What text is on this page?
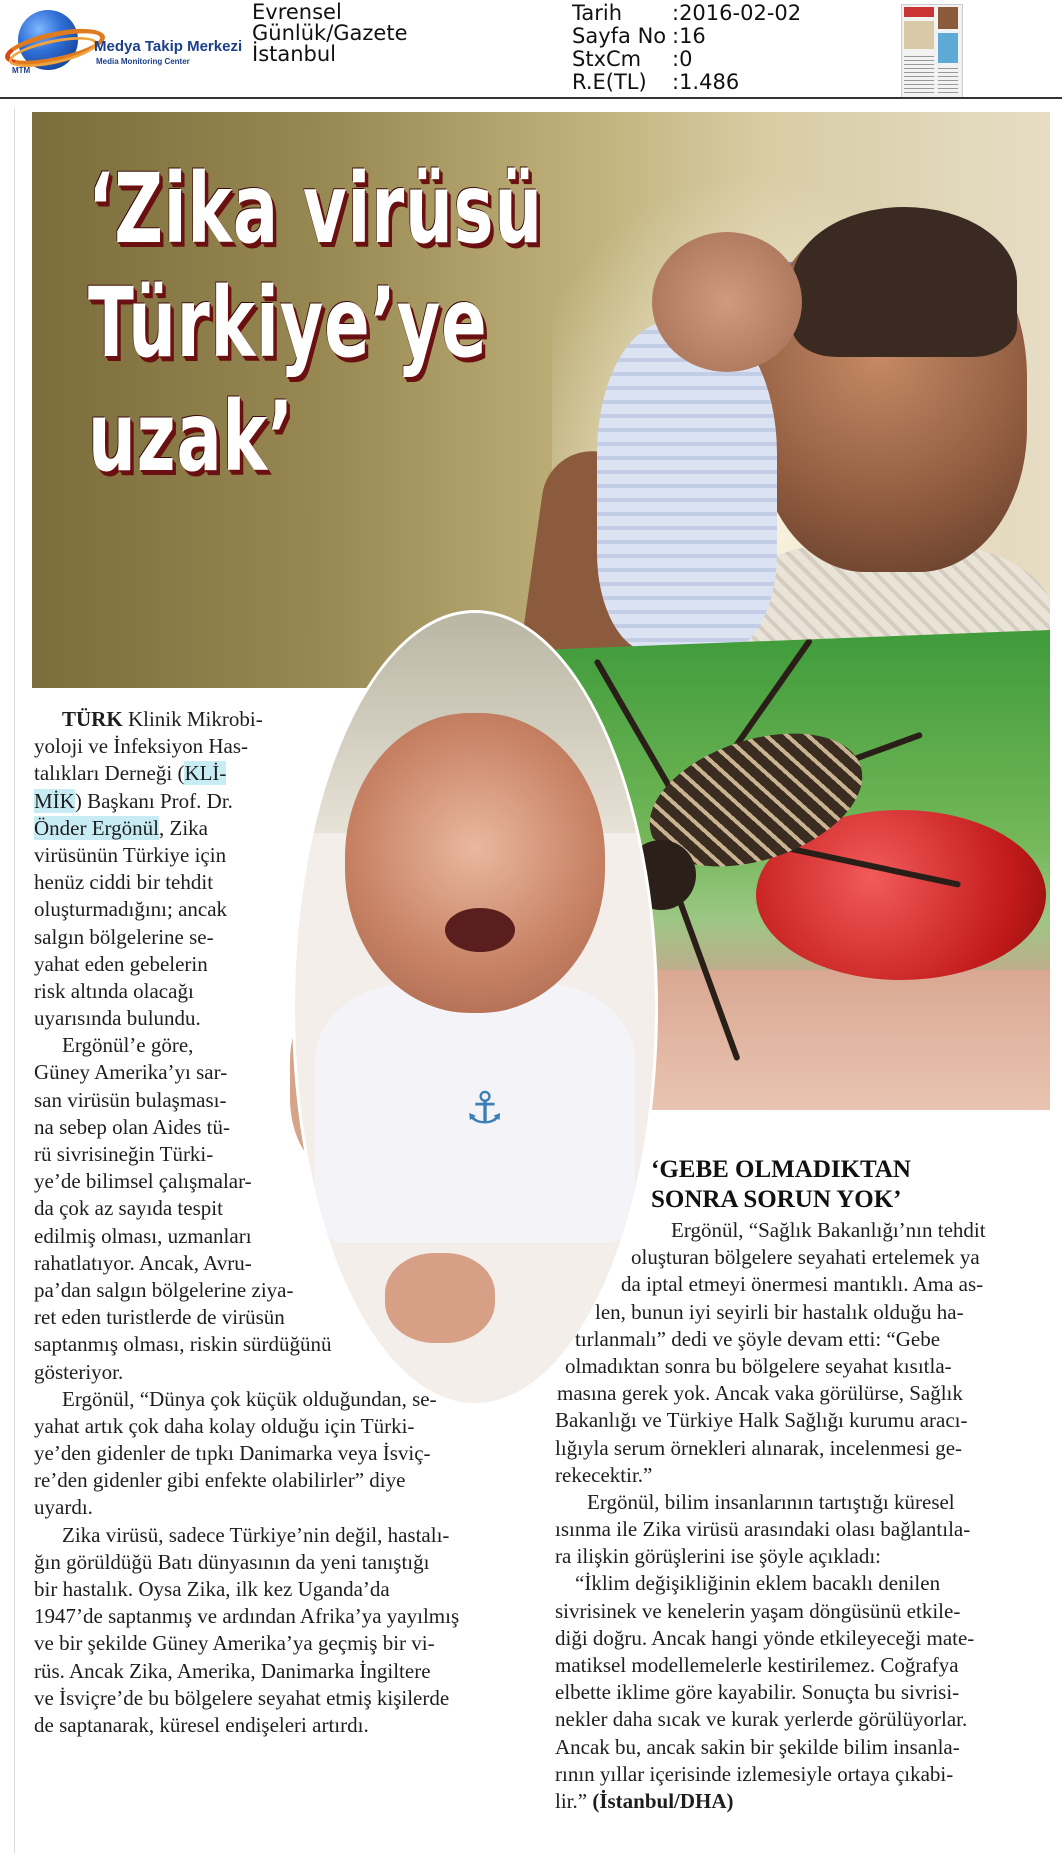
MTM
Medya Takip Merkezi
Media Monitoring Center
Evrensel
Günlük/Gazete
İstanbul
Tarih	:2016-02-02
Sayfa No :16
StxCm	:0
R.E(TL)	:1.486
‘Zika virüsü
Türkiye’ye
uzak’
⚓
TÜRK Klinik Mikrobi-
yoloji ve İnfeksiyon Has-
talıkları Derneği (KLİ-
MİK) Başkanı Prof. Dr.
Önder Ergönül, Zika
virüsünün Türkiye için
henüz ciddi bir tehdit
oluşturmadığını; ancak
salgın bölgelerine se-
yahat eden gebelerin
risk altında olacağı
uyarısında bulundu.
Ergönül’e göre,
Güney Amerika’yı sar-
san virüsün bulaşması-
na sebep olan Aides tü-
rü sivrisineğin Türki-
ye’de bilimsel çalışmalar-
da çok az sayıda tespit
edilmiş olması, uzmanları
rahatlatıyor. Ancak, Avru-
pa’dan salgın bölgelerine ziya-
ret eden turistlerde de virüsün
saptanmış olması, riskin sürdüğünü
gösteriyor.
Ergönül, “Dünya çok küçük olduğundan, se-
yahat artık çok daha kolay olduğu için Türki-
ye’den gidenler de tıpkı Danimarka veya İsviç-
re’den gidenler gibi enfekte olabilirler” diye
uyardı.
Zika virüsü, sadece Türkiye’nin değil, hastalı-
ğın görüldüğü Batı dünyasının da yeni tanıştığı
bir hastalık. Oysa Zika, ilk kez Uganda’da
1947’de saptanmış ve ardından Afrika’ya yayılmış
ve bir şekilde Güney Amerika’ya geçmiş bir vi-
rüs. Ancak Zika, Amerika, Danimarka İngiltere
ve İsviçre’de bu bölgelere seyahat etmiş kişilerde
de saptanarak, küresel endişeleri artırdı.
‘GEBE OLMADIKTAN
SONRA SORUN YOK’
Ergönül, “Sağlık Bakanlığı’nın tehdit
oluşturan bölgelere seyahati ertelemek ya
da iptal etmeyi önermesi mantıklı. Ama as-
len, bunun iyi seyirli bir hastalık olduğu ha-
tırlanmalı” dedi ve şöyle devam etti: “Gebe
olmadıktan sonra bu bölgelere seyahat kısıtla-
masına gerek yok. Ancak vaka görülürse, Sağlık
Bakanlığı ve Türkiye Halk Sağlığı kurumu aracı-
lığıyla serum örnekleri alınarak, incelenmesi ge-
rekecektir.”
Ergönül, bilim insanlarının tartıştığı küresel
ısınma ile Zika virüsü arasındaki olası bağlantıla-
ra ilişkin görüşlerini ise şöyle açıkladı:
“İklim değişikliğinin eklem bacaklı denilen
sivrisinek ve kenelerin yaşam döngüsünü etkile-
diği doğru. Ancak hangi yönde etkileyeceği mate-
matiksel modellemelerle kestirilemez. Coğrafya
elbette iklime göre kayabilir. Sonuçta bu sivrisi-
nekler daha sıcak ve kurak yerlerde görülüyorlar.
Ancak bu, ancak sakin bir şekilde bilim insanla-
rının yıllar içerisinde izlemesiyle ortaya çıkabi-
lir.” (İstanbul/DHA)
